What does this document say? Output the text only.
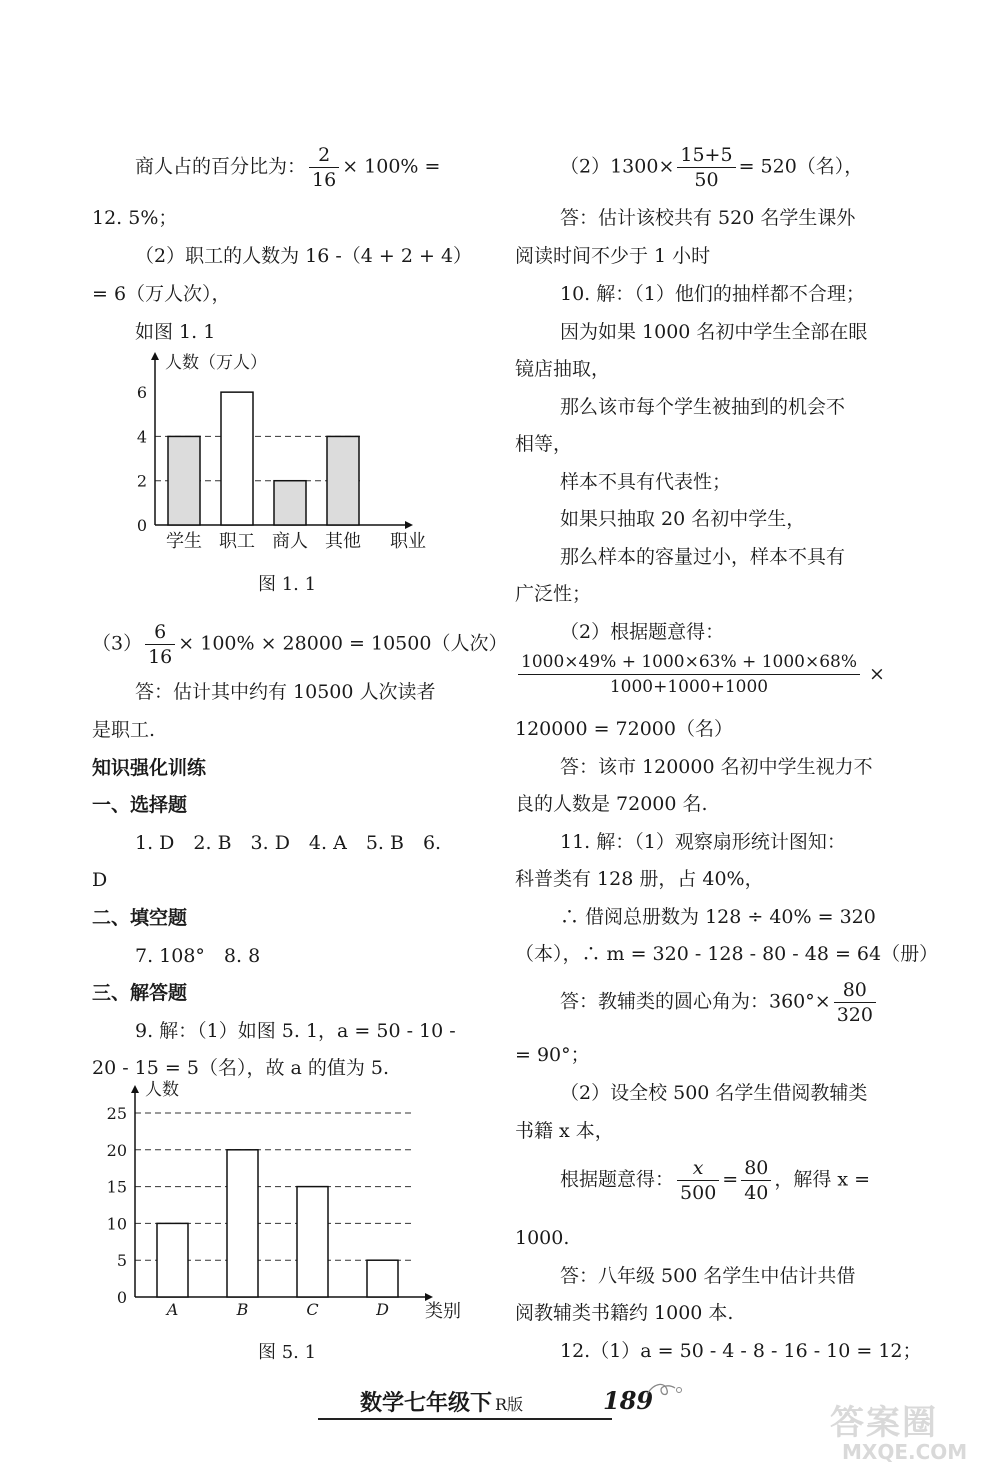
商人占的百分比为： $\frac{2}{16} \times 100\%$ =
12. 5%；
（2）职工的人数为 16 -（4 + 2 + 4）
= 6（万人次），
如图 1. 1
0
2
4
6
人数（万人）
职业
学生 职工 商人 其他
图 1. 1
$(3) \frac{6}{16} \times 100\% \times 28000 = 10500$（人次）
答：估计其中约有 10500 人次读者
是职工.
知识强化训练
一、选择题
1. D　2. B　3. D　4. A　5. B　6.
D
二、填空题
7. 108°　8. 8
三、解答题
9. 解：（1）如图 5. 1，a = 50 - 10 -
20 - 15 = 5（名），故 a 的值为 5.
0
5
10
15
20
25
人数
类别
A	B	C	D
图 5. 1
$(2)1300\times \frac{15+5}{50} = 520$（名），
答：估计该校共有 520 名学生课外
阅读时间不少于 1 小时
10. 解：（1）他们的抽样都不合理；
因为如果 1000 名初中学生全部在眼
镜店抽取，
那么该市每个学生被抽到的机会不
相等，
样本不具有代表性；
如果只抽取 20 名初中学生，
那么样本的容量过小，样本不具有
广泛性；
（2）根据题意得：
$\frac{1000\times 49\% + 1000\times 63\% + 1000\times 68\%}{1000+1000+1000}$ ×
120000 = 72000（名）
答：该市 120000 名初中学生视力不
良的人数是 72000 名.
11. 解：（1）观察扇形统计图知：
科普类有 128 册，占 40%，
∴ 借阅总册数为 128 ÷ 40% = 320
（本），∴ m = 320 - 128 - 80 - 48 = 64（册）
答：教辅类的圆心角为：$360^\circ\times \frac{80}{320}$
= 90°；
（2）设全校 500 名学生借阅教辅类
书籍 x 本，
根据题意得： $\frac{x}{500} = \frac{80}{40}$ ，解得 x =
1000.
答：八年级 500 名学生中估计共借
阅教辅类书籍约 1000 本.
12.（1）a = 50 - 4 - 8 - 16 - 10 = 12；
数学七年级下 R版	189
答案圈
MXQE.COM
